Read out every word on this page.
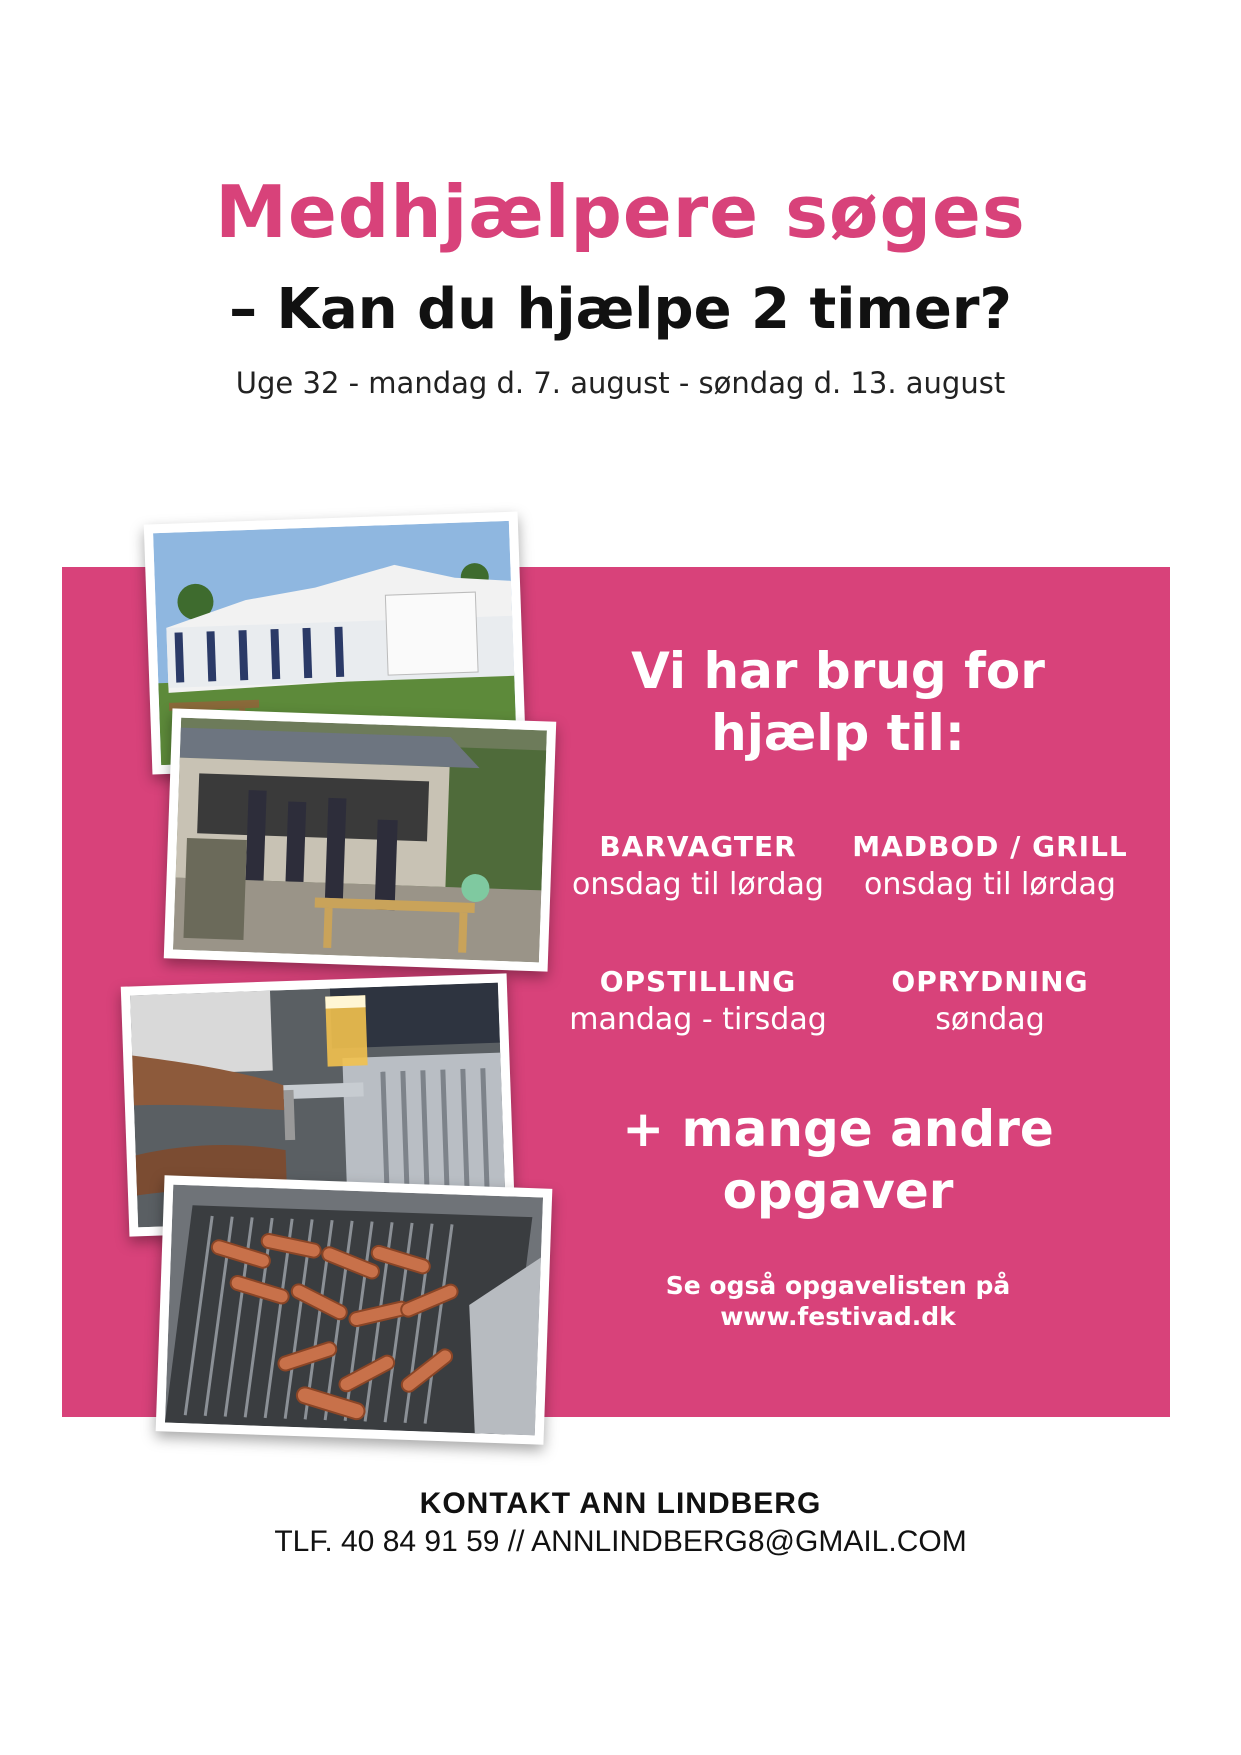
Medhjælpere søges
– Kan du hjælpe 2 timer?
Uge 32 - mandag d. 7. august - søndag d. 13. august
Vi har brug for
hjælp til:
BARVAGTER
onsdag til lørdag
MADBOD / GRILL
onsdag til lørdag
OPSTILLING
mandag - tirsdag
OPRYDNING
søndag
+ mange andre
opgaver
Se også opgavelisten på
www.festivad.dk
KONTAKT ANN LINDBERG
TLF. 40 84 91 59 // ANNLINDBERG8@GMAIL.COM
